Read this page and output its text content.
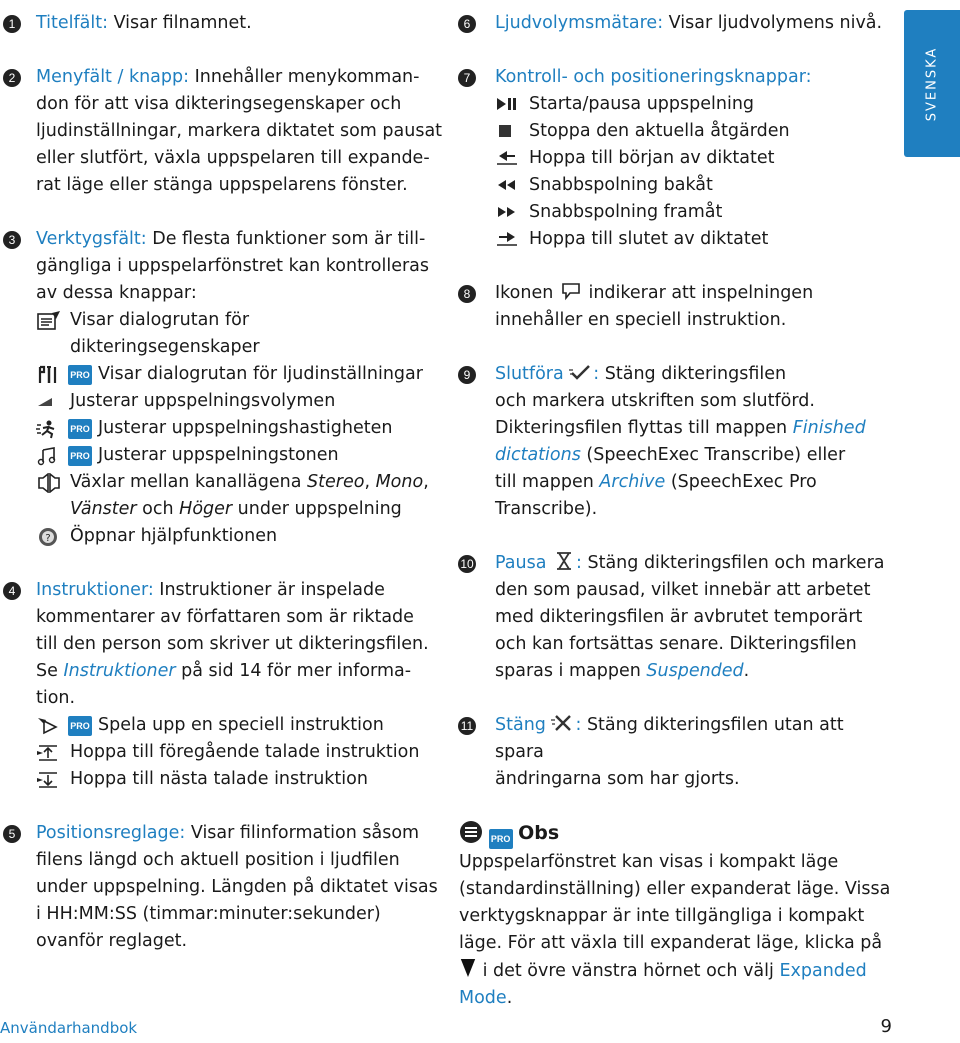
SVENSKA
1	Titelfält: Visar filnamnet.
2	Menyfält / knapp: Innehåller menykomman-
don för att visa dikteringsegenskaper och
ljudinställningar, markera diktatet som pausat
eller slutfört, växla uppspelaren till expande-
rat läge eller stänga uppspelarens fönster.
3	Verktygsfält: De flesta funktioner som är till-
gängliga i uppspelarfönstret kan kontrolleras
av dessa knappar:
Visar dialogrutan för
dikteringsegenskaper
PRO Visar dialogrutan för ljudinställningar
Justerar uppspelningsvolymen
PRO Justerar uppspelningshastigheten
PRO Justerar uppspelningstonen
Växlar mellan kanallägena Stereo, Mono,
Vänster och Höger under uppspelning
? Öppnar hjälpfunktionen
4	Instruktioner: Instruktioner är inspelade
kommentarer av författaren som är riktade
till den person som skriver ut dikteringsfilen.
Se Instruktioner på sid 14 för mer informa-
tion.
PRO Spela upp en speciell instruktion
Hoppa till föregående talade instruktion
Hoppa till nästa talade instruktion
5	Positionsreglage: Visar filinformation såsom
filens längd och aktuell position i ljudfilen
under uppspelning. Längden på diktatet visas
i HH:MM:SS (timmar:minuter:sekunder)
ovanför reglaget.
6	Ljudvolymsmätare: Visar ljudvolymens nivå.
7	Kontroll- och positioneringsknappar:
Starta/pausa uppspelning
Stoppa den aktuella åtgärden
Hoppa till början av diktatet
Snabbspolning bakåt
Snabbspolning framåt
Hoppa till slutet av diktatet
8	Ikonen  indikerar att inspelningen
innehåller en speciell instruktion.
9	Slutföra : Stäng dikteringsfilen
och markera utskriften som slutförd.
Dikteringsfilen flyttas till mappen Finished
dictations (SpeechExec Transcribe) eller
till mappen Archive (SpeechExec Pro
Transcribe).
10 Pausa : Stäng dikteringsfilen och markera
den som pausad, vilket innebär att arbetet
med dikteringsfilen är avbrutet temporärt
och kan fortsättas senare. Dikteringsfilen
sparas i mappen Suspended.
11 Stäng : Stäng dikteringsfilen utan att spara
ändringarna som har gjorts.
PRO Obs
Uppspelarfönstret kan visas i kompakt läge
(standardinställning) eller expanderat läge. Vissa
verktygsknappar är inte tillgängliga i kompakt
läge. För att växla till expanderat läge, klicka på
i det övre vänstra hörnet och välj Expanded
Mode.
Användarhandbok	9
